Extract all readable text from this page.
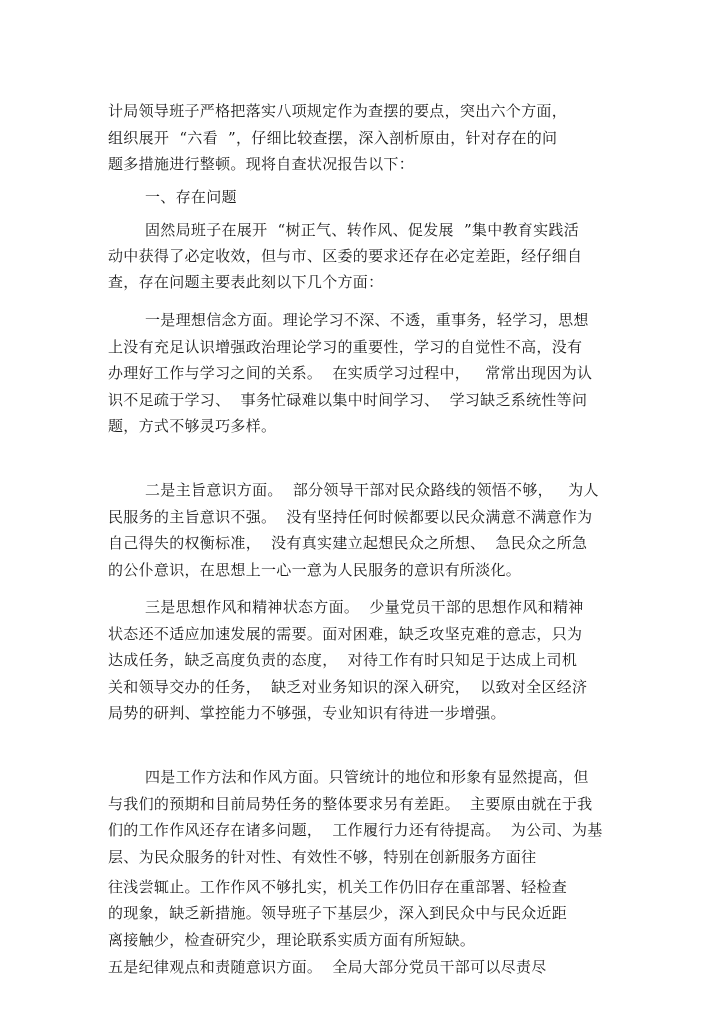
计局领导班子严格把落实八项规定作为查摆的要点，突出六个方面，
组织展开  “六看  ”，仔细比较查摆，深入剖析原由，针对存在的问
题多措施进行整顿。现将自查状况报告以下：
一、存在问题
固然局班子在展开  “树正气、转作风、促发展  ”集中教育实践活
动中获得了必定收效，但与市、区委的要求还存在必定差距，经仔细自
查，存在问题主要表此刻以下几个方面：
一是理想信念方面。理论学习不深、不透，重事务，轻学习，思想
上没有充足认识增强政治理论学习的重要性，学习的自觉性不高，没有
办理好工作与学习之间的关系。  在实质学习过程中，   常常出现因为认
识不足疏于学习、  事务忙碌难以集中时间学习、  学习缺乏系统性等问
题，方式不够灵巧多样。
二是主旨意识方面。  部分领导干部对民众路线的领悟不够，   为人
民服务的主旨意识不强。  没有坚持任何时候都要以民众满意不满意作为
自己得失的权衡标准，  没有真实建立起想民众之所想、  急民众之所急
的公仆意识，在思想上一心一意为人民服务的意识有所淡化。
三是思想作风和精神状态方面。  少量党员干部的思想作风和精神
状态还不适应加速发展的需要。面对困难，缺乏攻坚克难的意志，只为
达成任务，缺乏高度负责的态度，  对待工作有时只知足于达成上司机
关和领导交办的任务，  缺乏对业务知识的深入研究，  以致对全区经济
局势的研判、掌控能力不够强，专业知识有待进一步增强。
四是工作方法和作风方面。只管统计的地位和形象有显然提高，但
与我们的预期和目前局势任务的整体要求另有差距。  主要原由就在于我
们的工作作风还存在诸多问题，  工作履行力还有待提高。  为公司、为基
层、为民众服务的针对性、有效性不够，特别在创新服务方面往
往浅尝辄止。工作作风不够扎实，机关工作仍旧存在重部署、轻检查
的现象，缺乏新措施。领导班子下基层少，深入到民众中与民众近距
离接触少，检查研究少，理论联系实质方面有所短缺。
五是纪律观点和责随意识方面。  全局大部分党员干部可以尽责尽
